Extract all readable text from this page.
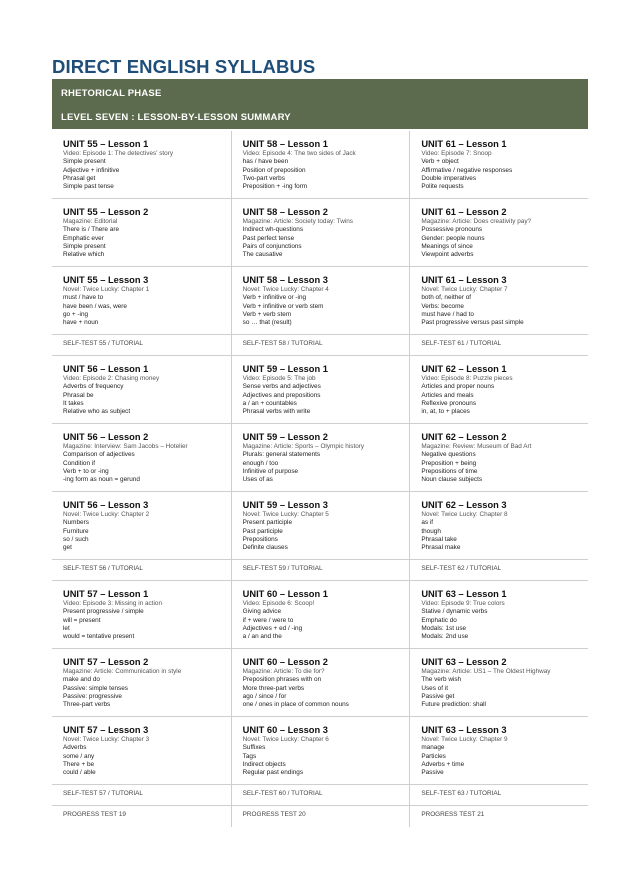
DIRECT ENGLISH SYLLABUS
RHETORICAL PHASE
LEVEL SEVEN : LESSON-BY-LESSON SUMMARY
UNIT 55 – Lesson 1
Video: Episode 1: The detectives' story
Simple present
Adjective + infinitive
Phrasal get
Simple past tense
UNIT 55 – Lesson 2
Magazine: Editorial
There is / There are
Emphatic ever
Simple present
Relative which
UNIT 55 – Lesson 3
Novel: Twice Lucky: Chapter 1
must / have to
have been / was, were
go + -ing
have + noun
SELF-TEST 55 / TUTORIAL
UNIT 56 – Lesson 1
Video: Episode 2: Chasing money
Adverbs of frequency
Phrasal be
It takes
Relative who as subject
UNIT 56 – Lesson 2
Magazine: Interview: Sam Jacobs – Hotelier
Comparison of adjectives
Condition if
Verb + to or -ing
-ing form as noun = gerund
UNIT 56 – Lesson 3
Novel: Twice Lucky: Chapter 2
Numbers
Furniture
so / such
get
SELF-TEST 56 / TUTORIAL
UNIT 57 – Lesson 1
Video: Episode 3: Missing in action
Present progressive / simple
will = present
let
would = tentative present
UNIT 57 – Lesson 2
Magazine: Article: Communication in style
make and do
Passive: simple tenses
Passive: progressive
Three-part verbs
UNIT 57 – Lesson 3
Novel: Twice Lucky: Chapter 3
Adverbs
some / any
There + be
could / able
SELF-TEST 57 / TUTORIAL
PROGRESS TEST 19
UNIT 58 – Lesson 1
Video: Episode 4: The two sides of Jack
has / have been
Position of preposition
Two-part verbs
Preposition + -ing form
UNIT 58 – Lesson 2
Magazine: Article: Society today: Twins
Indirect wh-questions
Past perfect tense
Pairs of conjunctions
The causative
UNIT 58 – Lesson 3
Novel: Twice Lucky: Chapter 4
Verb + infinitive or -ing
Verb + infinitive or verb stem
Verb + verb stem
so … that (result)
SELF-TEST 58 / TUTORIAL
UNIT 59 – Lesson 1
Video: Episode 5: The job
Sense verbs and adjectives
Adjectives and prepositions
a / an + countables
Phrasal verbs with write
UNIT 59 – Lesson 2
Magazine: Article: Sports – Olympic history
Plurals: general statements
enough / too
Infinitive of purpose
Uses of as
UNIT 59 – Lesson 3
Novel: Twice Lucky: Chapter 5
Present participle
Past participle
Prepositions
Definite clauses
SELF-TEST 59 / TUTORIAL
UNIT 60 – Lesson 1
Video: Episode 6: Scoop!
Giving advice
if + were / were to
Adjectives + ed / -ing
a / an and the
UNIT 60 – Lesson 2
Magazine: Article: To die for?
Preposition phrases with on
More three-part verbs
ago / since / for
one / ones in place of common nouns
UNIT 60 – Lesson 3
Novel: Twice Lucky: Chapter 6
Suffixes
Tags
Indirect objects
Regular past endings
SELF-TEST 60 / TUTORIAL
PROGRESS TEST 20
UNIT 61 – Lesson 1
Video: Episode 7: Snoop
Verb + object
Affirmative / negative responses
Double imperatives
Polite requests
UNIT 61 – Lesson 2
Magazine: Article: Does creativity pay?
Possessive pronouns
Gender: people nouns
Meanings of since
Viewpoint adverbs
UNIT 61 – Lesson 3
Novel: Twice Lucky: Chapter 7
both of, neither of
Verbs: become
must have / had to
Past progressive versus past simple
SELF-TEST 61 / TUTORIAL
UNIT 62 – Lesson 1
Video: Episode 8: Puzzle pieces
Articles and proper nouns
Articles and meals
Reflexive pronouns
in, at, to + places
UNIT 62 – Lesson 2
Magazine: Review: Museum of Bad Art
Negative questions
Preposition + being
Prepositions of time
Noun clause subjects
UNIT 62 – Lesson 3
Novel: Twice Lucky: Chapter 8
as if
though
Phrasal take
Phrasal make
SELF-TEST 62 / TUTORIAL
UNIT 63 – Lesson 1
Video: Episode 9: True colors
Stative / dynamic verbs
Emphatic do
Modals: 1st use
Modals: 2nd use
UNIT 63 – Lesson 2
Magazine: Article: US1 – The Oldest Highway
The verb wish
Uses of it
Passive get
Future prediction: shall
UNIT 63 – Lesson 3
Novel: Twice Lucky: Chapter 9
manage
Particles
Adverbs + time
Passive
SELF-TEST 63 / TUTORIAL
PROGRESS TEST 21
